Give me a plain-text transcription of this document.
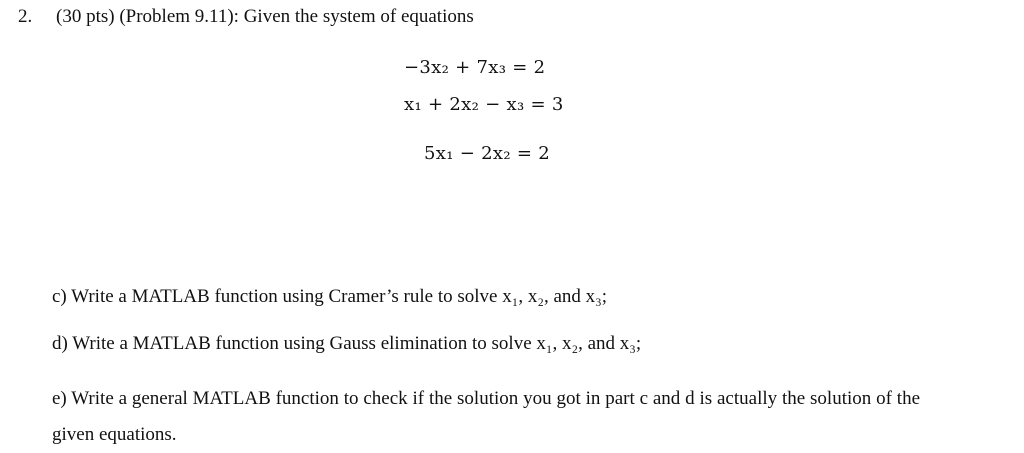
2. (30 pts) (Problem 9.11): Given the system of equations
−3x₂ + 7x₃ = 2
x₁ + 2x₂ − x₃ = 3
5x₁ − 2x₂ = 2
c) Write a MATLAB function using Cramer’s rule to solve x₁, x₂, and x₃;
d) Write a MATLAB function using Gauss elimination to solve x₁, x₂, and x₃;
e) Write a general MATLAB function to check if the solution you got in part c and d is actually the solution of the given equations.
